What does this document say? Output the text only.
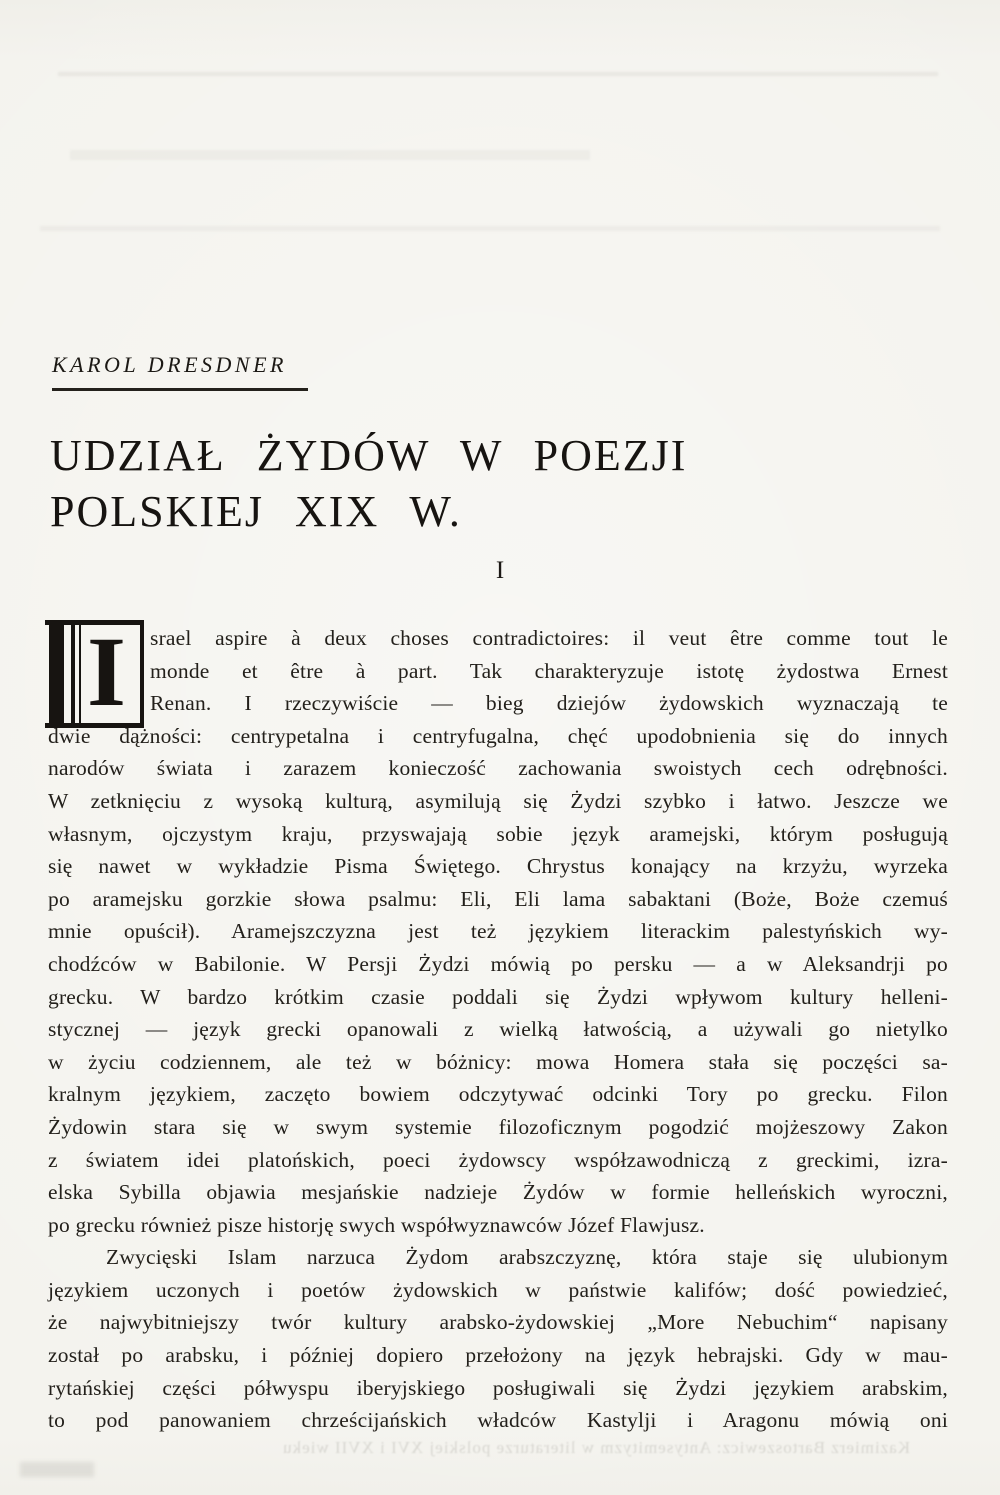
KAROL DRESDNER
UDZIAŁ ŻYDÓW W POEZJI
POLSKIEJ XIX W.
I
I	srael aspire à deux choses contradictoires: il veut être comme tout le
monde et être à part. Tak charakteryzuje istotę żydostwa Ernest
Renan. I rzeczywiście — bieg dziejów żydowskich wyznaczają te
dwie dążności: centrypetalna i centryfugalna, chęć upodobnienia się do innych
narodów świata i zarazem konieczość zachowania swoistych cech odrębności.
W zetknięciu z wysoką kulturą, asymilują się Żydzi szybko i łatwo. Jeszcze we
własnym, ojczystym kraju, przyswajają sobie język aramejski, którym posługują
się nawet w wykładzie Pisma Świętego. Chrystus konający na krzyżu, wyrzeka
po aramejsku gorzkie słowa psalmu: Eli, Eli lama sabaktani (Boże, Boże czemuś
mnie opuścił). Aramejszczyzna jest też językiem literackim palestyńskich wy-
chodźców w Babilonie. W Persji Żydzi mówią po persku — a w Aleksandrji po
grecku. W bardzo krótkim czasie poddali się Żydzi wpływom kultury helleni-
stycznej — język grecki opanowali z wielką łatwością, a używali go nietylko
w życiu codziennem, ale też w bóżnicy: mowa Homera stała się poczęści sa-
kralnym językiem, zaczęto bowiem odczytywać odcinki Tory po grecku. Filon
Żydowin stara się w swym systemie filozoficznym pogodzić mojżeszowy Zakon
z światem idei platońskich, poeci żydowscy współzawodniczą z greckimi, izra-
elska Sybilla objawia mesjańskie nadzieje Żydów w formie helleńskich wyroczni,
po grecku również pisze historję swych współwyznawców Józef Flawjusz.
Zwycięski Islam narzuca Żydom arabszczyznę, która staje się ulubionym
językiem uczonych i poetów żydowskich w państwie kalifów; dość powiedzieć,
że najwybitniejszy twór kultury arabsko-żydowskiej „More Nebuchim“ napisany
został po arabsku, i później dopiero przełożony na język hebrajski. Gdy w mau-
rytańskiej części półwyspu iberyjskiego posługiwali się Żydzi językiem arabskim,
to pod panowaniem chrześcijańskich władców Kastylji i Aragonu mówią oni
Kazimierz Bartoszewicz: Antysemityzm w literaturze polskiej XVI i XVII wieku
